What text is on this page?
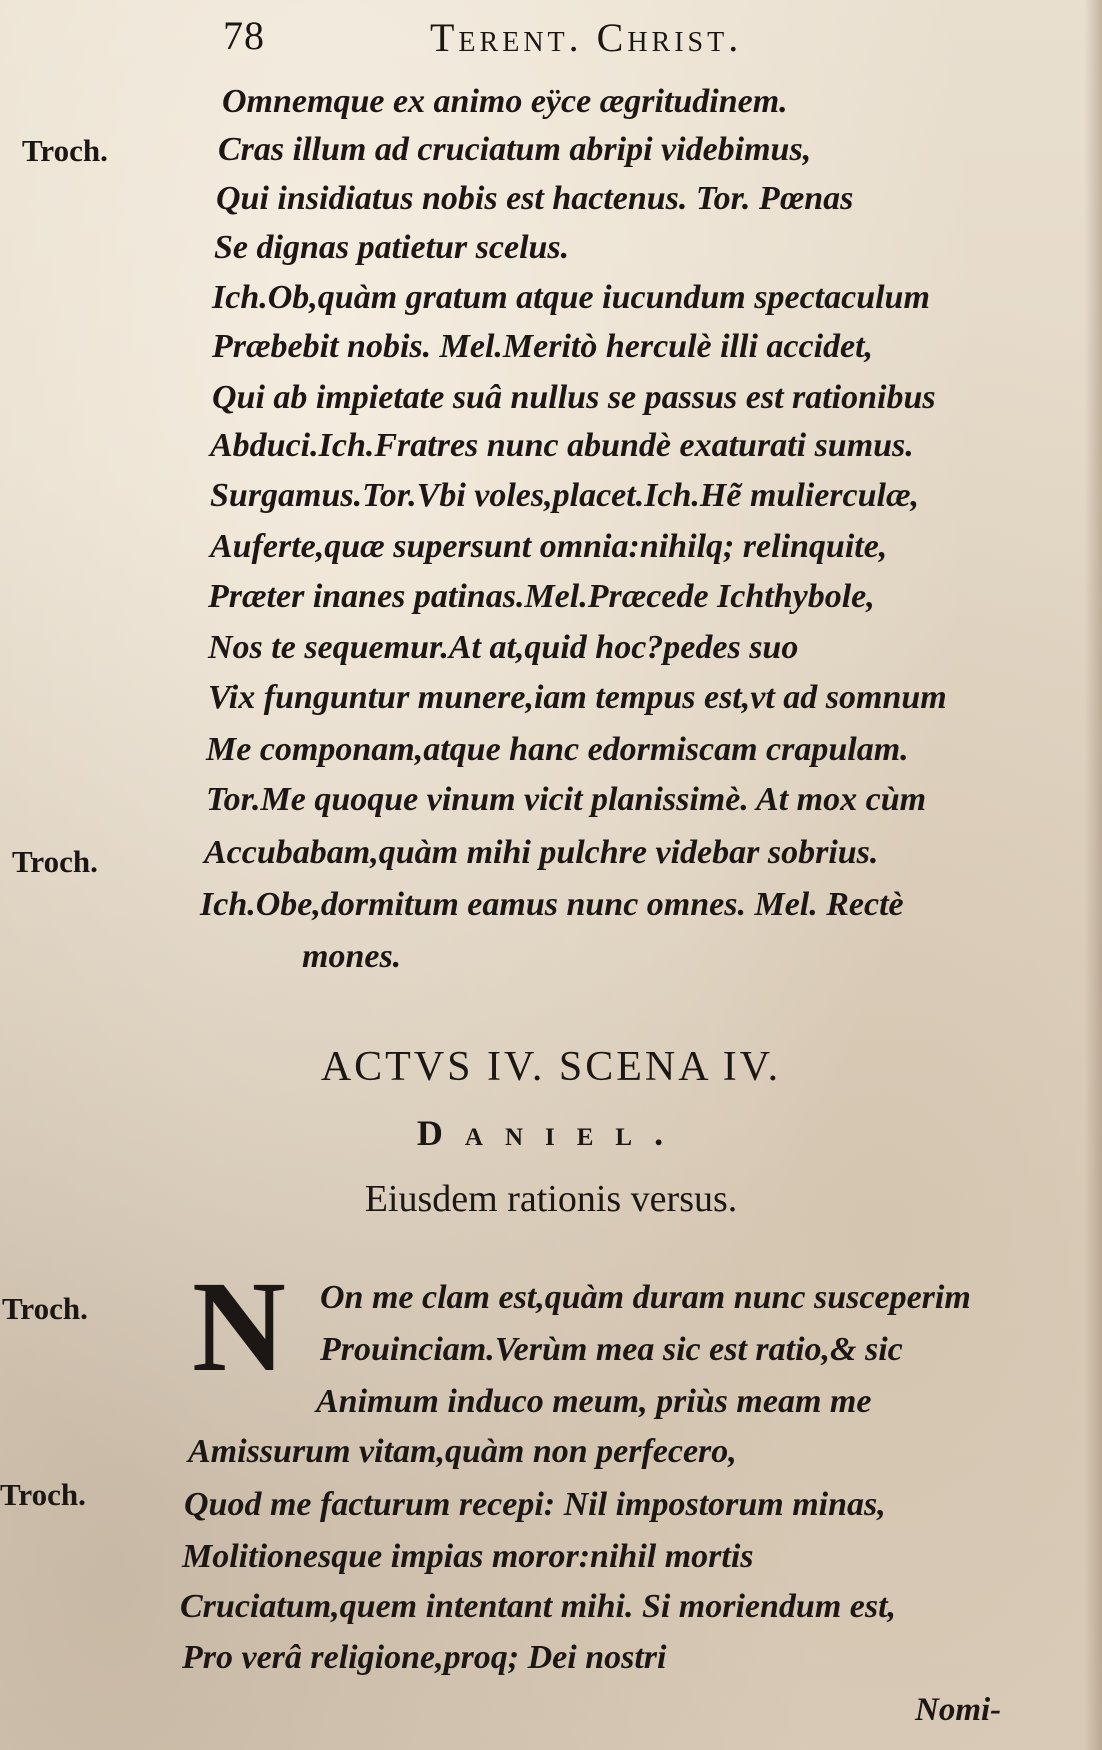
78	Terent. Christ.
Troch.
Troch.
Troch.
Troch.
Omnemque ex animo eÿce ægritudinem.
Cras illum ad cruciatum abripi videbimus,
Qui insidiatus nobis est hactenus. Tor. Pœnas
Se dignas patietur scelus.
Ich.Ob,quàm gratum atque iucundum spectaculum
Præbebit nobis. Mel.Meritò herculè illi accidet,
Qui ab impietate suâ nullus se passus est rationibus
Abduci.Ich.Fratres nunc abundè exaturati sumus.
Surgamus.Tor.Vbi voles,placet.Ich.Hẽ mulierculæ,
Auferte,quæ supersunt omnia:nihilq; relinquite,
Præter inanes patinas.Mel.Præcede Ichthybole,
Nos te sequemur.At at,quid hoc?pedes suo
Vix funguntur munere,iam tempus est,vt ad somnum
Me componam,atque hanc edormiscam crapulam.
Tor.Me quoque vinum vicit planissimè. At mox cùm
Accubabam,quàm mihi pulchre videbar sobrius.
Ich.Obe,dormitum eamus nunc omnes. Mel. Rectè
mones.
ACTVS IV. SCENA IV.
Daniel.
Eiusdem rationis versus.
N On me clam est,quàm duram nunc susceperim
Prouinciam.Verùm mea sic est ratio,& sic
Animum induco meum, priùs meam me
Amissurum vitam,quàm non perfecero,
Quod me facturum recepi: Nil impostorum minas,
Molitionesque impias moror:nihil mortis
Cruciatum,quem intentant mihi. Si moriendum est,
Pro verâ religione,proq; Dei nostri
Nomi-
